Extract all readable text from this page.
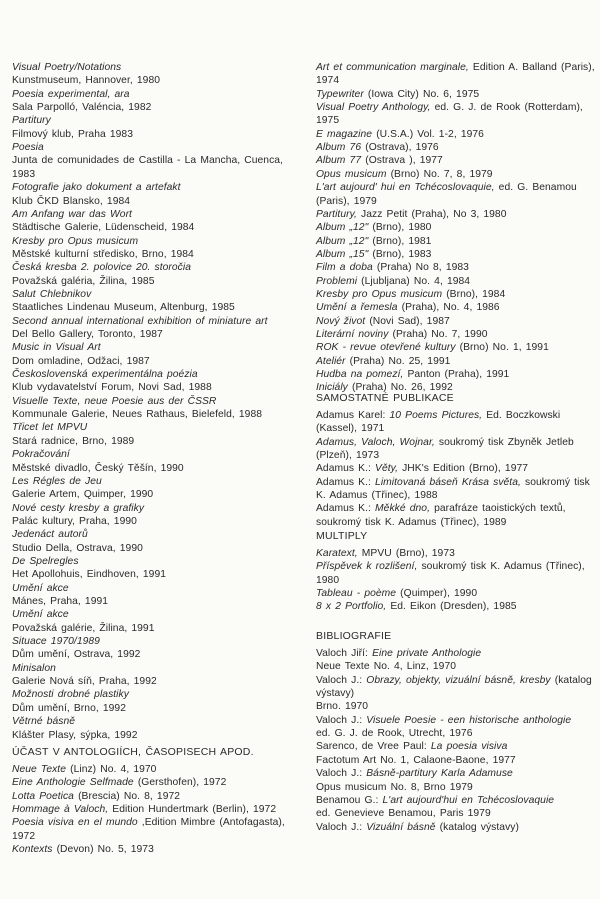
Visual Poetry/Notations
Kunstmuseum, Hannover, 1980
Poesia experimental, ara
Sala Parpolló, Valéncia, 1982
Partitury
Filmový klub, Praha 1983
Poesia
Junta de comunidades de Castilla - La Mancha, Cuenca,
1983
Fotografie jako dokument a artefakt
Klub ČKD Blansko, 1984
Am Anfang war das Wort
Städtische Galerie, Lüdenscheid, 1984
Kresby pro Opus musicum
Městské kulturní středisko, Brno, 1984
Česká kresba 2. polovice 20. storočia
Považská galéria, Žilina, 1985
Salut Chlebnikov
Staatliches Lindenau Museum, Altenburg, 1985
Second annual international exhibition of miniature art
Del Bello Gallery, Toronto, 1987
Music in Visual Art
Dom omladine, Odžaci, 1987
Československá experimentálna poézia
Klub vydavatelství Forum, Novi Sad, 1988
Visuelle Texte, neue Poesie aus der ČSSR
Kommunale Galerie, Neues Rathaus, Bielefeld, 1988
Třicet let MPVU
Stará radnice, Brno, 1989
Pokračování
Městské divadlo, Český Těšín, 1990
Les Régles de Jeu
Galerie Artem, Quimper, 1990
Nové cesty kresby a grafiky
Palác kultury, Praha, 1990
Jedenáct autorů
Studio Della, Ostrava, 1990
De Spelregles
Het Apollohuis, Eindhoven, 1991
Umění akce
Mánes, Praha, 1991
Umění akce
Považská galérie, Žilina, 1991
Situace 1970/1989
Dům umění, Ostrava, 1992
Minisalon
Galerie Nová síň, Praha, 1992
Možnosti drobné plastiky
Dům umění, Brno, 1992
Větrné básně
Klášter Plasy, sýpka, 1992
ÚČAST V ANTOLOGIÍCH, ČASOPISECH APOD.
Neue Texte (Linz) No. 4, 1970
Eine Anthologie Selfmade (Gersthofen), 1972
Lotta Poetica (Brescia) No. 8, 1972
Hommage à Valoch, Edition Hundertmark (Berlin), 1972
Poesia visiva en el mundo ,Edition Mimbre (Antofagasta),
1972
Kontexts (Devon) No. 5, 1973
Art et communication marginale, Edition A. Balland (Paris),
1974
Typewriter (Iowa City) No. 6, 1975
Visual Poetry Anthology, ed. G. J. de Rook (Rotterdam),
1975
E magazine (U.S.A.) Vol. 1-2, 1976
Album 76 (Ostrava), 1976
Album 77 (Ostrava ), 1977
Opus musicum (Brno) No. 7, 8, 1979
L'art aujourd' hui en Tchécoslovaquie, ed. G. Benamou
(Paris), 1979
Partitury, Jazz Petit (Praha), No 3, 1980
Album „12" (Brno), 1980
Album „12" (Brno), 1981
Album „15" (Brno), 1983
Film a doba (Praha) No 8, 1983
Problemi (Ljubljana) No. 4, 1984
Kresby pro Opus musicum (Brno), 1984
Umění a řemesla (Praha), No. 4, 1986
Nový život (Novi Sad), 1987
Literární noviny (Praha) No. 7, 1990
ROK - revue otevřené kultury (Brno) No. 1, 1991
Ateliér (Praha) No. 25, 1991
Hudba na pomezí, Panton (Praha), 1991
Iniciály (Praha) No. 26, 1992
SAMOSTATNÉ PUBLIKACE
Adamus Karel: 10 Poems Pictures, Ed. Boczkowski
(Kassel), 1971
Adamus, Valoch, Wojnar, soukromý tisk Zbyněk Jetleb
(Plzeň), 1973
Adamus K.: Věty, JHK's Edition (Brno), 1977
Adamus K.: Limitovaná báseň Krása světa, soukromý tisk
K. Adamus (Třinec), 1988
Adamus K.: Měkké dno, parafráze taoistických textů,
soukromý tisk K. Adamus (Třinec), 1989
MULTIPLY
Karatext, MPVU (Brno), 1973
Příspěvek k rozlišení, soukromý tisk K. Adamus (Třinec),
1980
Tableau - poème (Quimper), 1990
8 x 2 Portfolio, Ed. Eikon (Dresden), 1985
BIBLIOGRAFIE
Valoch Jiří: Eine private Anthologie
Neue Texte No. 4, Linz, 1970
Valoch J.: Obrazy, objekty, vizuální básně, kresby (katalog
výstavy)
Brno. 1970
Valoch J.: Visuele Poesie - een historische anthologie
ed. G. J. de Rook, Utrecht, 1976
Sarenco, de Vree Paul: La poesia visiva
Factotum Art No. 1, Calaone-Baone, 1977
Valoch J.: Básně-partitury Karla Adamuse
Opus musicum No. 8, Brno 1979
Benamou G.: L'art aujourd'hui en Tchécoslovaquie
ed. Genevieve Benamou, Paris 1979
Valoch J.: Vizuální básně (katalog výstavy)
